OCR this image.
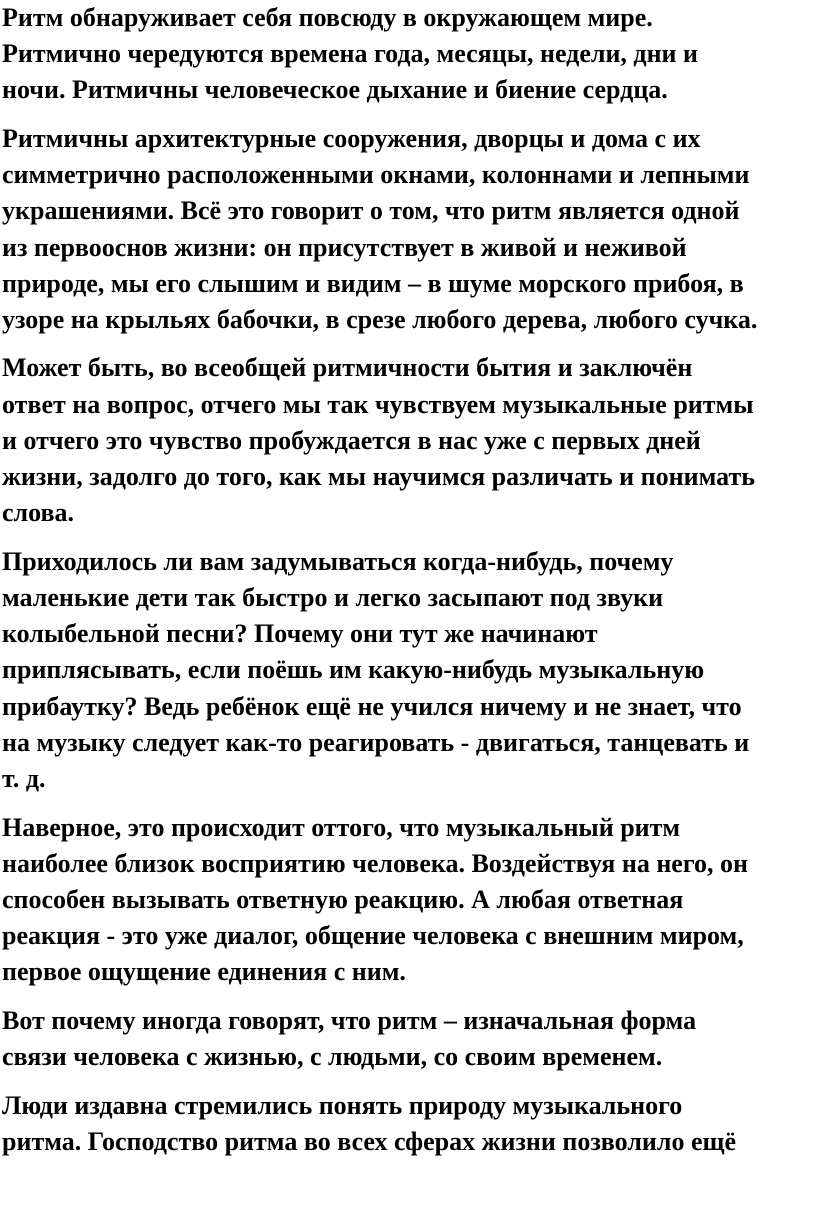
Ритм обнаруживает себя повсюду в окружающем мире.
Ритмично чередуются времена года, месяцы, недели, дни и
ночи. Ритмичны человеческое дыхание и биение сердца.
Ритмичны архитектурные сооружения, дворцы и дома с их
симметрично расположенными окнами, колоннами и лепными
украшениями. Всё это говорит о том, что ритм является одной
из первооснов жизни: он присутствует в живой и неживой
природе, мы его слышим и видим – в шуме морского прибоя, в
узоре на крыльях бабочки, в срезе любого дерева, любого сучка.
Может быть, во всеобщей ритмичности бытия и заключён
ответ на вопрос, отчего мы так чувствуем музыкальные ритмы
и отчего это чувство пробуждается в нас уже с первых дней
жизни, задолго до того, как мы научимся различать и понимать
слова.
Приходилось ли вам задумываться когда-нибудь, почему
маленькие дети так быстро и легко засыпают под звуки
колыбельной песни? Почему они тут же начинают
приплясывать, если поёшь им какую-нибудь музыкальную
прибаутку? Ведь ребёнок ещё не учился ничему и не знает, что
на музыку следует как-то реагировать - двигаться, танцевать и
т. д.
Наверное, это происходит оттого, что музыкальный ритм
наиболее близок восприятию человека. Воздействуя на него, он
способен вызывать ответную реакцию. А любая ответная
реакция - это уже диалог, общение человека с внешним миром,
первое ощущение единения с ним.
Вот почему иногда говорят, что ритм – изначальная форма
связи человека с жизнью, с людьми, со своим временем.
Люди издавна стремились понять природу музыкального
ритма. Господство ритма во всех сферах жизни позволило ещё
